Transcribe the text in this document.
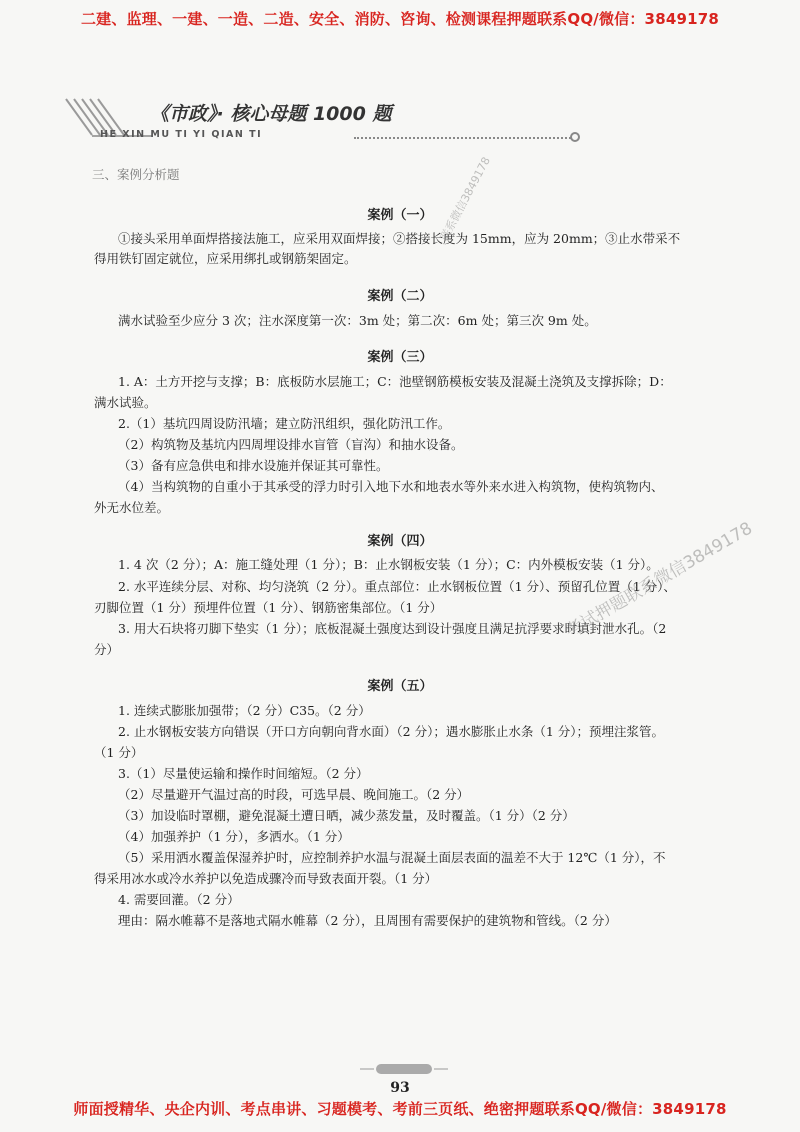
二建、监理、一建、一造、二造、安全、消防、咨询、检测课程押题联系QQ/微信：3849178
《市政》· 核心母题 1000 题
HE XIN MU TI YI QIAN TI
三、案例分析题
案例（一）
①接头采用单面焊搭接法施工，应采用双面焊接；②搭接长度为 15mm，应为 20mm；③止水带采不
得用铁钉固定就位，应采用绑扎或钢筋架固定。
案例（二）
满水试验至少应分 3 次；注水深度第一次：3m 处；第二次：6m 处；第三次 9m 处。
案例（三）
1. A：土方开挖与支撑；B：底板防水层施工；C：池壁钢筋模板安装及混凝土浇筑及支撑拆除；D：
满水试验。
2.（1）基坑四周设防汛墙；建立防汛组织，强化防汛工作。
（2）构筑物及基坑内四周埋设排水盲管（盲沟）和抽水设备。
（3）备有应急供电和排水设施并保证其可靠性。
（4）当构筑物的自重小于其承受的浮力时引入地下水和地表水等外来水进入构筑物，使构筑物内、
外无水位差。
案例（四）
1. 4 次（2 分）；A：施工缝处理（1 分）；B：止水钢板安装（1 分）；C：内外模板安装（1 分）。
2. 水平连续分层、对称、均匀浇筑（2 分）。重点部位：止水钢板位置（1 分）、预留孔位置（1 分）、
刃脚位置（1 分）预埋件位置（1 分）、钢筋密集部位。（1 分）
3. 用大石块将刃脚下垫实（1 分）；底板混凝土强度达到设计强度且满足抗浮要求时填封泄水孔。（2
分）
案例（五）
1. 连续式膨胀加强带；（2 分）C35。（2 分）
2. 止水钢板安装方向错误（开口方向朝向背水面）（2 分）；遇水膨胀止水条（1 分）；预埋注浆管。
（1 分）
3.（1）尽量使运输和操作时间缩短。（2 分）
（2）尽量避开气温过高的时段，可选早晨、晚间施工。（2 分）
（3）加设临时罩棚，避免混凝土遭日晒，减少蒸发量，及时覆盖。（1 分）（2 分）
（4）加强养护（1 分），多洒水。（1 分）
（5）采用洒水覆盖保湿养护时，应控制养护水温与混凝土面层表面的温差不大于 12℃（1 分），不
得采用冰水或冷水养护以免造成骤冷而导致表面开裂。（1 分）
4. 需要回灌。（2 分）
理由：隔水帷幕不是落地式隔水帷幕（2 分），且周围有需要保护的建筑物和管线。（2 分）
联系微信3849178
考试押题联系微信3849178
93
师面授精华、央企内训、考点串讲、习题模考、考前三页纸、绝密押题联系QQ/微信：3849178
